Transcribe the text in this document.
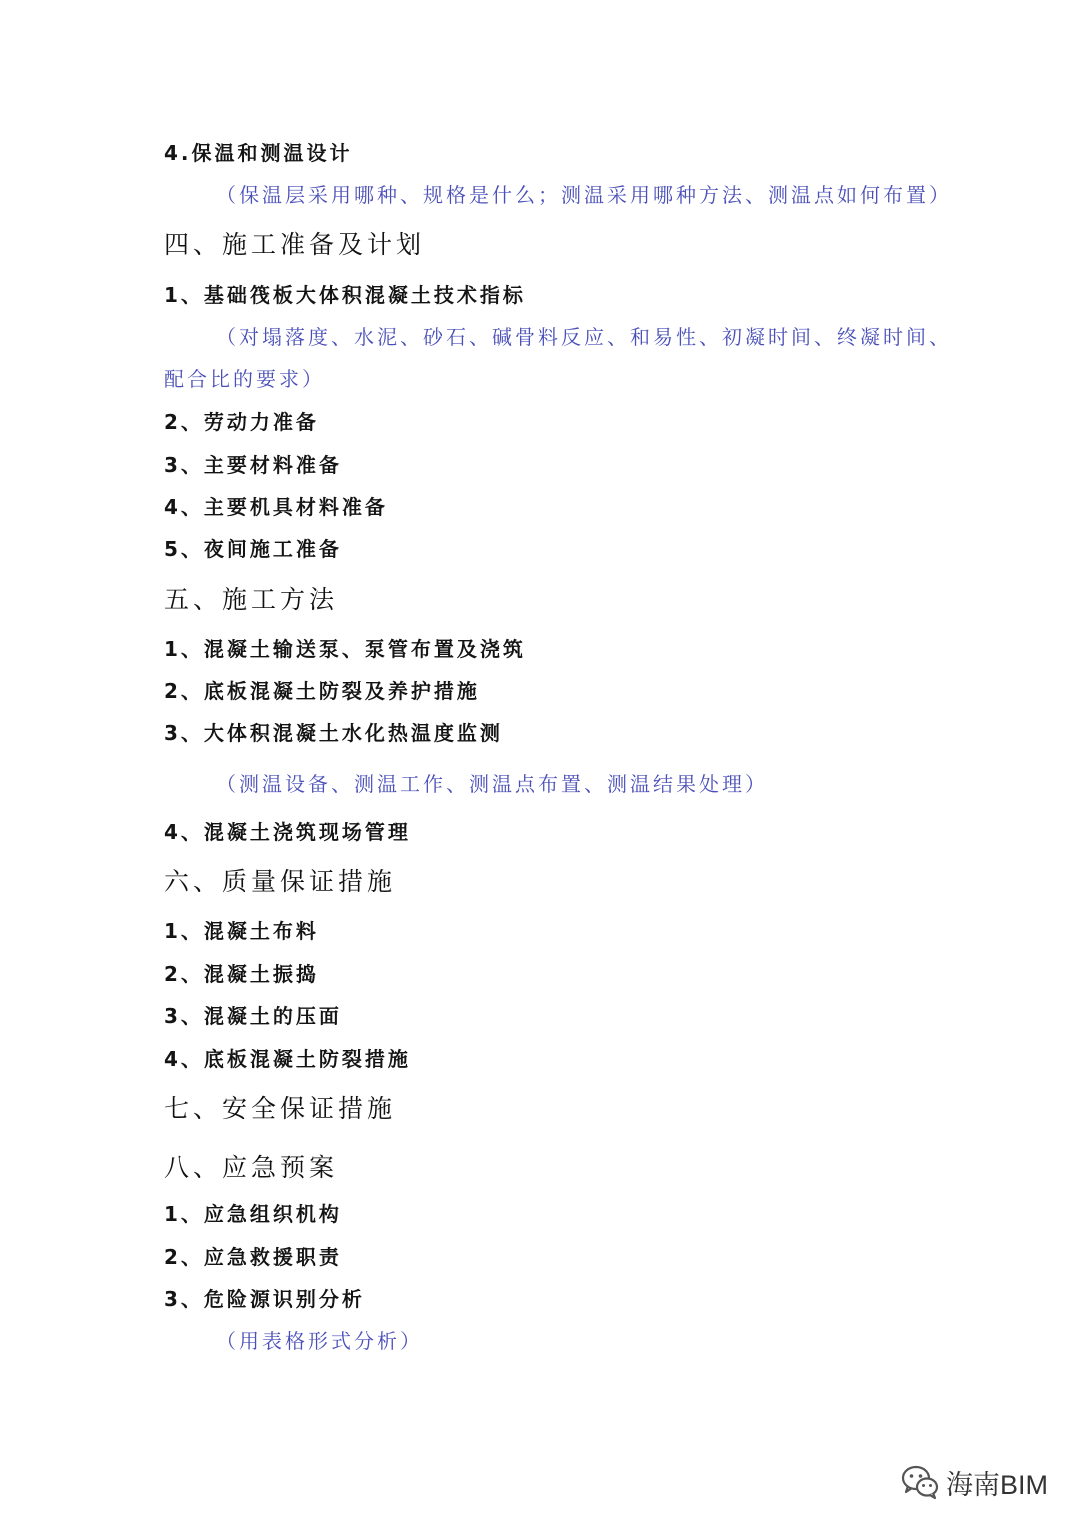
4.保温和测温设计
（保温层采用哪种、规格是什么；测温采用哪种方法、测温点如何布置）
四、施工准备及计划
1、基础筏板大体积混凝土技术指标
（对塌落度、水泥、砂石、碱骨料反应、和易性、初凝时间、终凝时间、
配合比的要求）
2、劳动力准备
3、主要材料准备
4、主要机具材料准备
5、夜间施工准备
五、施工方法
1、混凝土输送泵、泵管布置及浇筑
2、底板混凝土防裂及养护措施
3、大体积混凝土水化热温度监测
（测温设备、测温工作、测温点布置、测温结果处理）
4、混凝土浇筑现场管理
六、质量保证措施
1、混凝土布料
2、混凝土振捣
3、混凝土的压面
4、底板混凝土防裂措施
七、安全保证措施
八、应急预案
1、应急组织机构
2、应急救援职责
3、危险源识别分析
（用表格形式分析）
海南BIM
